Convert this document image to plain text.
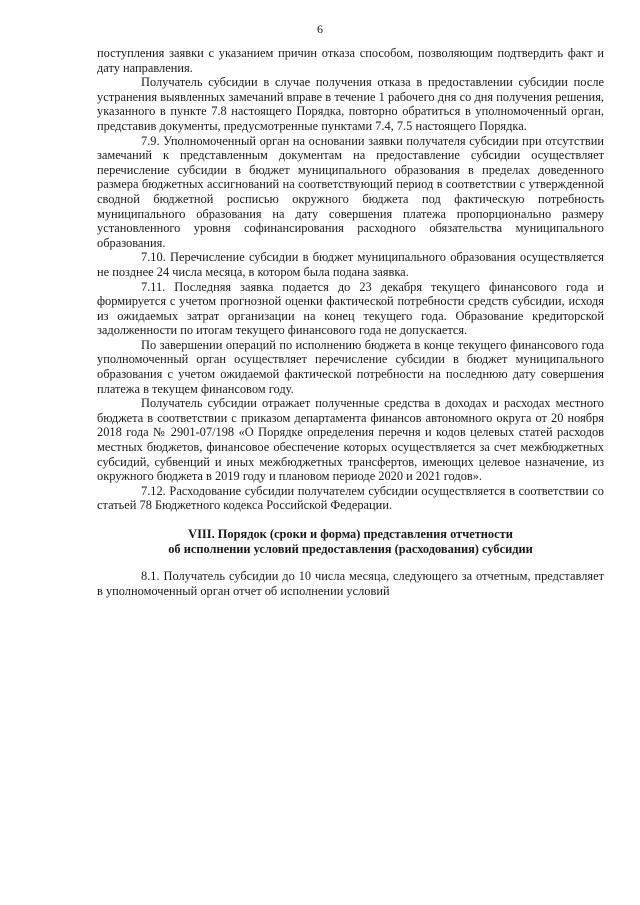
6

поступления заявки с указанием причин отказа способом, позволяющим подтвердить факт и дату направления.

Получатель субсидии в случае получения отказа в предоставлении субсидии после устранения выявленных замечаний вправе в течение 1 рабочего дня со дня получения решения, указанного в пункте 7.8 настоящего Порядка, повторно обратиться в уполномоченный орган, представив документы, предусмотренные пунктами 7.4, 7.5 настоящего Порядка.

7.9. Уполномоченный орган на основании заявки получателя субсидии при отсутствии замечаний к представленным документам на предоставление субсидии осуществляет перечисление субсидии в бюджет муниципального образования в пределах доведенного размера бюджетных ассигнований на соответствующий период в соответствии с утвержденной сводной бюджетной росписью окружного бюджета под фактическую потребность муниципального образования на дату совершения платежа пропорционально размеру установленного уровня софинансирования расходного обязательства муниципального образования.

7.10. Перечисление субсидии в бюджет муниципального образования осуществляется не позднее 24 числа месяца, в котором была подана заявка.

7.11. Последняя заявка подается до 23 декабря текущего финансового года и формируется с учетом прогнозной оценки фактической потребности средств субсидии, исходя из ожидаемых затрат организации на конец текущего года. Образование кредиторской задолженности по итогам текущего финансового года не допускается.

По завершении операций по исполнению бюджета в конце текущего финансового года уполномоченный орган осуществляет перечисление субсидии в бюджет муниципального образования с учетом ожидаемой фактической потребности на последнюю дату совершения платежа в текущем финансовом году.

Получатель субсидии отражает полученные средства в доходах и расходах местного бюджета в соответствии с приказом департамента финансов автономного округа от 20 ноября 2018 года № 2901-07/198 «О Порядке определения перечня и кодов целевых статей расходов местных бюджетов, финансовое обеспечение которых осуществляется за счет межбюджетных субсидий, субвенций и иных межбюджетных трансфертов, имеющих целевое назначение, из окружного бюджета в 2019 году и плановом периоде 2020 и 2021 годов».

7.12. Расходование субсидии получателем субсидии осуществляется в соответствии со статьей 78 Бюджетного кодекса Российской Федерации.

VIII. Порядок (сроки и форма) представления отчетности
об исполнении условий предоставления (расходования) субсидии

8.1. Получатель субсидии до 10 числа месяца, следующего за отчетным, представляет в уполномоченный орган отчет об исполнении условий
